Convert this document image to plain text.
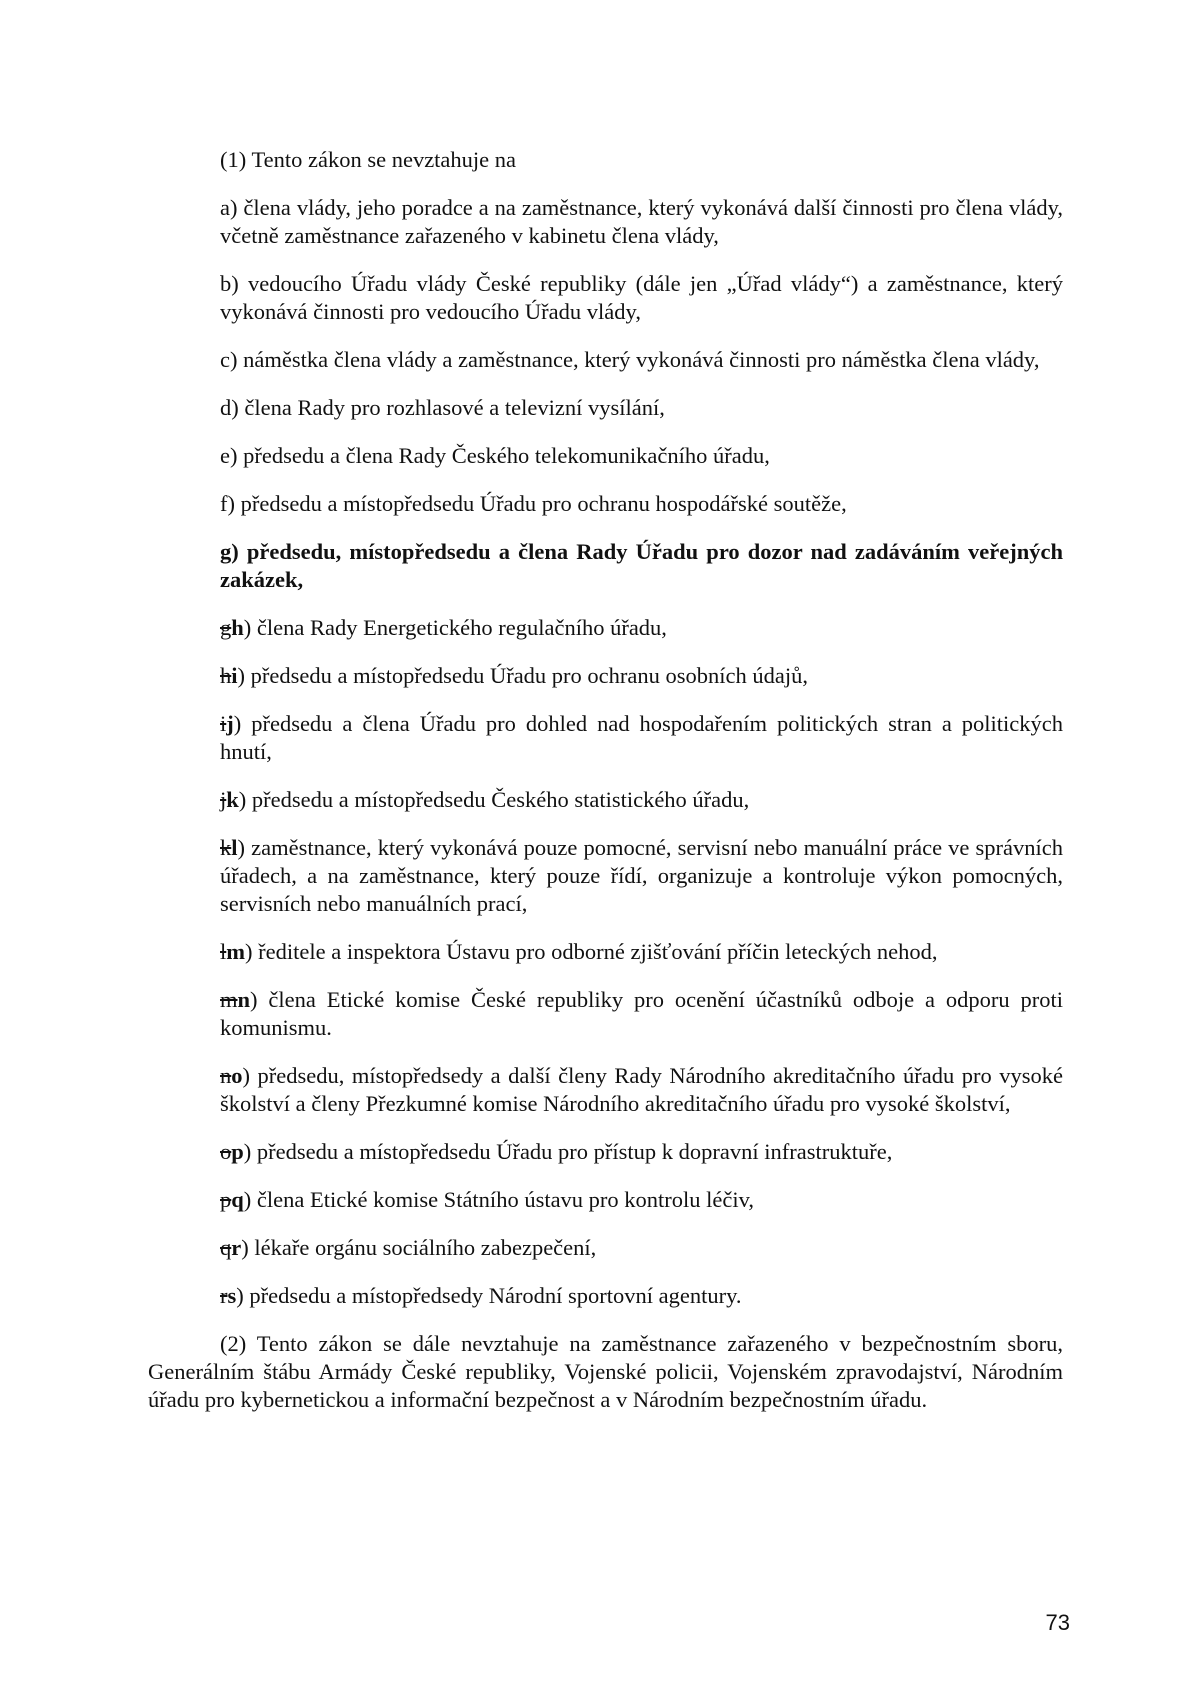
(1) Tento zákon se nevztahuje na

a) člena vlády, jeho poradce a na zaměstnance, který vykonává další činnosti pro člena vlády, včetně zaměstnance zařazeného v kabinetu člena vlády,

b) vedoucího Úřadu vlády České republiky (dále jen „Úřad vlády“) a zaměstnance, který vykonává činnosti pro vedoucího Úřadu vlády,

c) náměstka člena vlády a zaměstnance, který vykonává činnosti pro náměstka člena vlády,

d) člena Rady pro rozhlasové a televizní vysílání,

e) předsedu a člena Rady Českého telekomunikačního úřadu,

f) předsedu a místopředsedu Úřadu pro ochranu hospodářské soutěže,

g) předsedu, místopředsedu a člena Rady Úřadu pro dozor nad zadáváním veřejných zakázek,

gh) člena Rady Energetického regulačního úřadu,

hi) předsedu a místopředsedu Úřadu pro ochranu osobních údajů,

ij) předsedu a člena Úřadu pro dohled nad hospodařením politických stran a politických hnutí,

jk) předsedu a místopředsedu Českého statistického úřadu,

kl) zaměstnance, který vykonává pouze pomocné, servisní nebo manuální práce ve správních úřadech, a na zaměstnance, který pouze řídí, organizuje a kontroluje výkon pomocných, servisních nebo manuálních prací,

lm) ředitele a inspektora Ústavu pro odborné zjišťování příčin leteckých nehod,

mn) člena Etické komise České republiky pro ocenění účastníků odboje a odporu proti komunismu.

no) předsedu, místopředsedy a další členy Rady Národního akreditačního úřadu pro vysoké školství a členy Přezkumné komise Národního akreditačního úřadu pro vysoké školství,

op) předsedu a místopředsedu Úřadu pro přístup k dopravní infrastruktuře,

pq) člena Etické komise Státního ústavu pro kontrolu léčiv,

qr) lékaře orgánu sociálního zabezpečení,

rs) předsedu a místopředsedy Národní sportovní agentury.

(2) Tento zákon se dále nevztahuje na zaměstnance zařazeného v bezpečnostním sboru, Generálním štábu Armády České republiky, Vojenské policii, Vojenském zpravodajství, Národním úřadu pro kybernetickou a informační bezpečnost a v Národním bezpečnostním úřadu.

73
